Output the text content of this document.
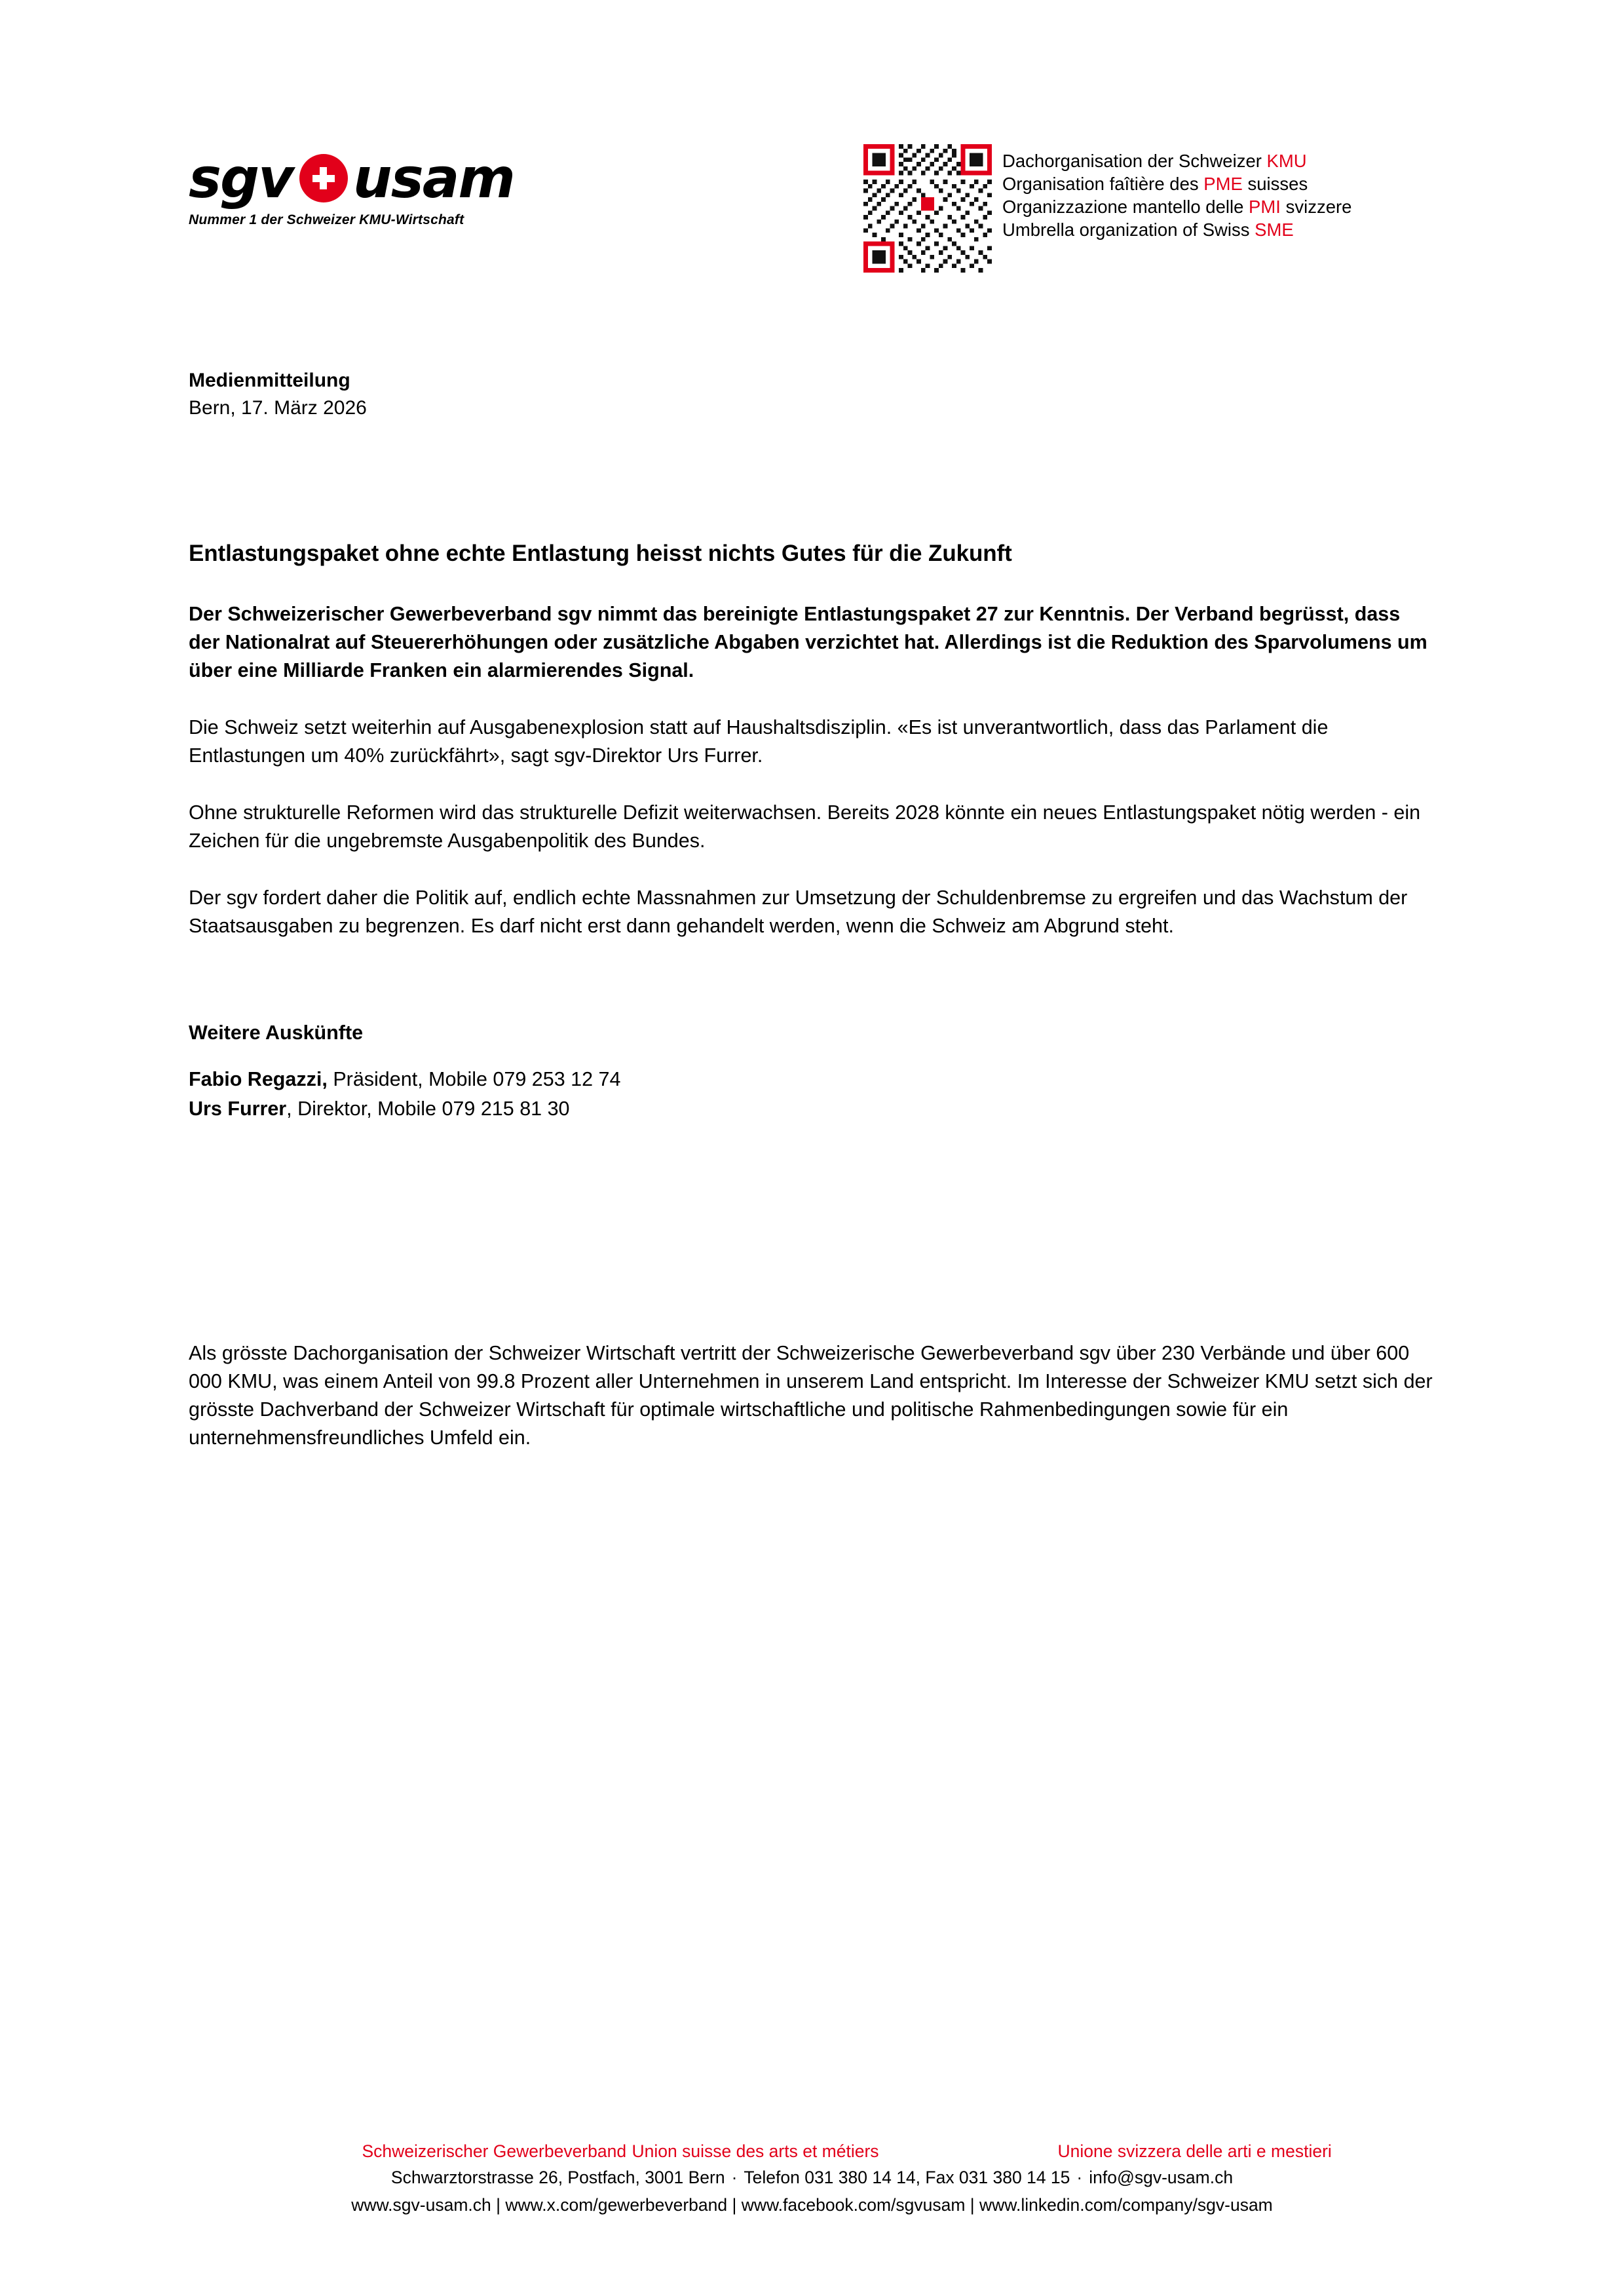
sgv usam
Nummer 1 der Schweizer KMU-Wirtschaft
Dachorganisation der Schweizer KMU
Organisation faîtière des PME suisses
Organizzazione mantello delle PMI svizzere
Umbrella organization of Swiss SME
Medienmitteilung
Bern, 17. März 2026
Entlastungspaket ohne echte Entlastung heisst nichts Gutes für die Zukunft

Der Schweizerischer Gewerbeverband sgv nimmt das bereinigte Entlastungspaket 27 zur Kenntnis. Der Verband begrüsst, dass der Nationalrat auf Steuererhöhungen oder zusätzliche Abgaben verzichtet hat. Allerdings ist die Reduktion des Sparvolumens um über eine Milliarde Franken ein alarmierendes Signal.

Die Schweiz setzt weiterhin auf Ausgabenexplosion statt auf Haushaltsdisziplin. «Es ist unverantwortlich, dass das Parlament die Entlastungen um 40% zurückfährt», sagt sgv-Direktor Urs Furrer.

Ohne strukturelle Reformen wird das strukturelle Defizit weiterwachsen. Bereits 2028 könnte ein neues Entlastungspaket nötig werden - ein Zeichen für die ungebremste Ausgabenpolitik des Bundes.

Der sgv fordert daher die Politik auf, endlich echte Massnahmen zur Umsetzung der Schuldenbremse zu ergreifen und das Wachstum der Staatsausgaben zu begrenzen. Es darf nicht erst dann gehandelt werden, wenn die Schweiz am Abgrund steht.

Weitere Auskünfte
Fabio Regazzi, Präsident, Mobile 079 253 12 74
Urs Furrer, Direktor, Mobile 079 215 81 30

Als grösste Dachorganisation der Schweizer Wirtschaft vertritt der Schweizerische Gewerbeverband sgv über 230 Verbände und über 600 000 KMU, was einem Anteil von 99.8 Prozent aller Unternehmen in unserem Land entspricht. Im Interesse der Schweizer KMU setzt sich der grösste Dachverband der Schweizer Wirtschaft für optimale wirtschaftliche und politische Rahmenbedingungen sowie für ein unternehmensfreundliches Umfeld ein.

Schweizerischer Gewerbeverband Union suisse des arts et métiers	Unione svizzera delle arti e mestieri
Schwarztorstrasse 26, Postfach, 3001 Bern · Telefon 031 380 14 14, Fax 031 380 14 15 · info@sgv-usam.ch
www.sgv-usam.ch | www.x.com/gewerbeverband | www.facebook.com/sgvusam | www.linkedin.com/company/sgv-usam
